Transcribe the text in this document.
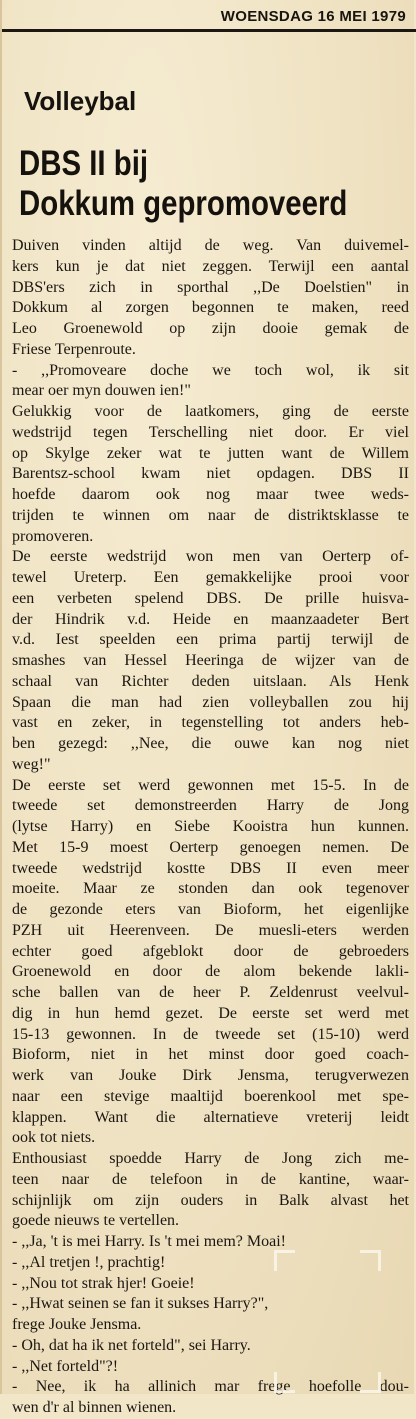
WOENSDAG 16 MEI 1979
Volleybal
DBS II bij
Dokkum gepromoveerd
Duiven vinden altijd de weg. Van duivemel-
kers kun je dat niet zeggen. Terwijl een aantal
DBS'ers zich in sporthal ,,De Doelstien" in
Dokkum al zorgen begonnen te maken, reed
Leo Groenewold op zijn dooie gemak de
Friese Terpenroute.
- ,,Promoveare doche we toch wol, ik sit
mear oer myn douwen ien!"
Gelukkig voor de laatkomers, ging de eerste
wedstrijd tegen Terschelling niet door. Er viel
op Skylge zeker wat te jutten want de Willem
Barentsz-school kwam niet opdagen. DBS II
hoefde daarom ook nog maar twee weds-
trijden te winnen om naar de distriktsklasse te
promoveren.
De eerste wedstrijd won men van Oerterp of-
tewel Ureterp. Een gemakkelijke prooi voor
een verbeten spelend DBS. De prille huisva-
der Hindrik v.d. Heide en maanzaadeter Bert
v.d. Iest speelden een prima partij terwijl de
smashes van Hessel Heeringa de wijzer van de
schaal van Richter deden uitslaan. Als Henk
Spaan die man had zien volleyballen zou hij
vast en zeker, in tegenstelling tot anders heb-
ben gezegd: ,,Nee, die ouwe kan nog niet
weg!"
De eerste set werd gewonnen met 15-5. In de
tweede set demonstreerden Harry de Jong
(lytse Harry) en Siebe Kooistra hun kunnen.
Met 15-9 moest Oerterp genoegen nemen. De
tweede wedstrijd kostte DBS II even meer
moeite. Maar ze stonden dan ook tegenover
de gezonde eters van Bioform, het eigenlijke
PZH uit Heerenveen. De muesli-eters werden
echter goed afgeblokt door de gebroeders
Groenewold en door de alom bekende lakli-
sche ballen van de heer P. Zeldenrust veelvul-
dig in hun hemd gezet. De eerste set werd met
15-13 gewonnen. In de tweede set (15-10) werd
Bioform, niet in het minst door goed coach-
werk van Jouke Dirk Jensma, terugverwezen
naar een stevige maaltijd boerenkool met spe-
klappen. Want die alternatieve vreterij leidt
ook tot niets.
Enthousiast spoedde Harry de Jong zich me-
teen naar de telefoon in de kantine, waar-
schijnlijk om zijn ouders in Balk alvast het
goede nieuws te vertellen.
- ,,Ja, 't is mei Harry. Is 't mei mem? Moai!
- ,,Al tretjen !, prachtig!
- ,,Nou tot strak hjer! Goeie!
- ,,Hwat seinen se fan it sukses Harry?",
frege Jouke Jensma.
- Oh, dat ha ik net forteld", sei Harry.
- ,,Net forteld"?!
- Nee, ik ha allinich mar frege hoefolle dou-
wen d'r al binnen wienen.
